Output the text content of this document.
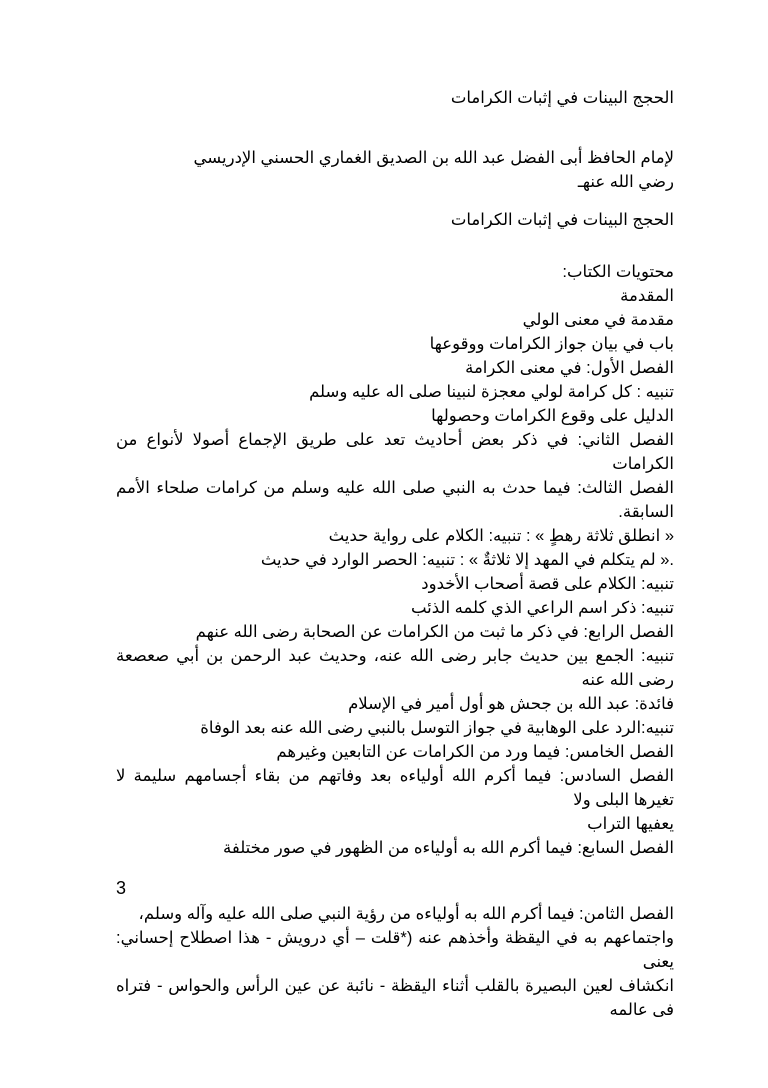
الحجج البينات في إثبات الكرامات
لإمام الحافظ أبى الفضل عبد الله بن الصديق الغماري الحسني الإدريسي
رضي الله عنهـ
الحجج البينات في إثبات الكرامات
محتويات الكتاب:
المقدمة
مقدمة في معنى الولي
باب في بيان جواز الكرامات ووقوعها
الفصل الأول: في معنى الكرامة
تنبيه : كل كرامة لولي معجزة لنبينا صلى اله عليه وسلم
الدليل على وقوع الكرامات وحصولها
الفصل الثاني: في ذكر بعض أحاديث تعد على طريق الإجماع أصولا لأنواع من الكرامات
الفصل الثالث: فيما حدث به النبي صلى الله عليه وسلم من كرامات صلحاء الأمم السابقة.
« انطلق ثلاثة رهطٍ » : تنبيه: الكلام على رواية حديث
.« لم يتكلم في المهد إلا ثلاثةٌ » : تنبيه: الحصر الوارد في حديث
تنبيه: الكلام على قصة أصحاب الأخدود
تنبيه: ذكر اسم الراعي الذي كلمه الذئب
الفصل الرابع: في ذكر ما ثبت من الكرامات عن الصحابة رضى الله عنهم
تنبيه: الجمع بين حديث جابر رضى الله عنه، وحديث عبد الرحمن بن أبي صعصعة رضى الله عنه
فائدة: عبد الله بن جحش هو أول أمير في الإسلام
تنبيه:الرد على الوهابية في جواز التوسل بالنبي رضى الله عنه بعد الوفاة
الفصل الخامس: فيما ورد من الكرامات عن التابعين وغيرهم
الفصل السادس: فيما أكرم الله أولياءه بعد وفاتهم من بقاء أجسامهم سليمة لا تغيرها البلى ولا
يعفيها التراب
الفصل السابع: فيما أكرم الله به أولياءه من الظهور في صور مختلفة
3
الفصل الثامن: فيما أكرم الله به أولياءه من رؤية النبي صلى الله عليه وآله وسلم،
واجتماعهم به في اليقظة وأخذهم عنه (*قلت – أي درويش - هذا اصطلاح إحساني: يعنى
انكشاف لعين البصيرة بالقلب أثناء اليقظة - نائبة عن عين الرأس والحواس - فتراه فى عالمه
